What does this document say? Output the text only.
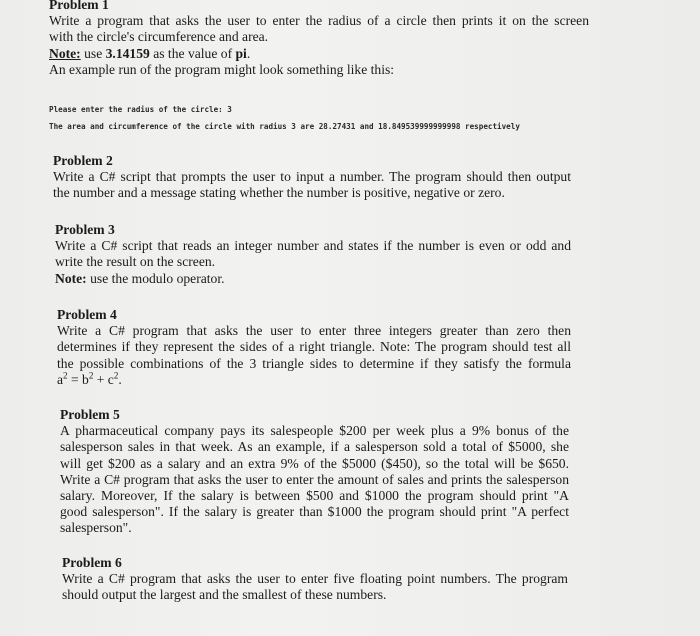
Problem 1
Write a program that asks the user to enter the radius of a circle then prints it on the screen
with the circle's circumference and area.
Note: use 3.14159 as the value of pi.
An example run of the program might look something like this:
Please enter the radius of the circle: 3
The area and circumference of the circle with radius 3 are 28.27431 and 18.849539999999998 respectively
Problem 2
Write a C# script that prompts the user to input a number. The program should then output
the number and a message stating whether the number is positive, negative or zero.
Problem 3
Write a C# script that reads an integer number and states if the number is even or odd and
write the result on the screen.
Note: use the modulo operator.
Problem 4
Write a C# program that asks the user to enter three integers greater than zero then
determines if they represent the sides of a right triangle. Note: The program should test all
the possible combinations of the 3 triangle sides to determine if they satisfy the formula
$a^2 = b^2 + c^2$.
Problem 5
A pharmaceutical company pays its salespeople $200 per week plus a 9% bonus of the
salesperson sales in that week. As an example, if a salesperson sold a total of $5000, she
will get $200 as a salary and an extra 9% of the $5000 ($450), so the total will be $650.
Write a C# program that asks the user to enter the amount of sales and prints the salesperson
salary. Moreover, If the salary is between $500 and $1000 the program should print "A
good salesperson". If the salary is greater than $1000 the program should print "A perfect
salesperson".
Problem 6
Write a C# program that asks the user to enter five floating point numbers. The program
should output the largest and the smallest of these numbers.
